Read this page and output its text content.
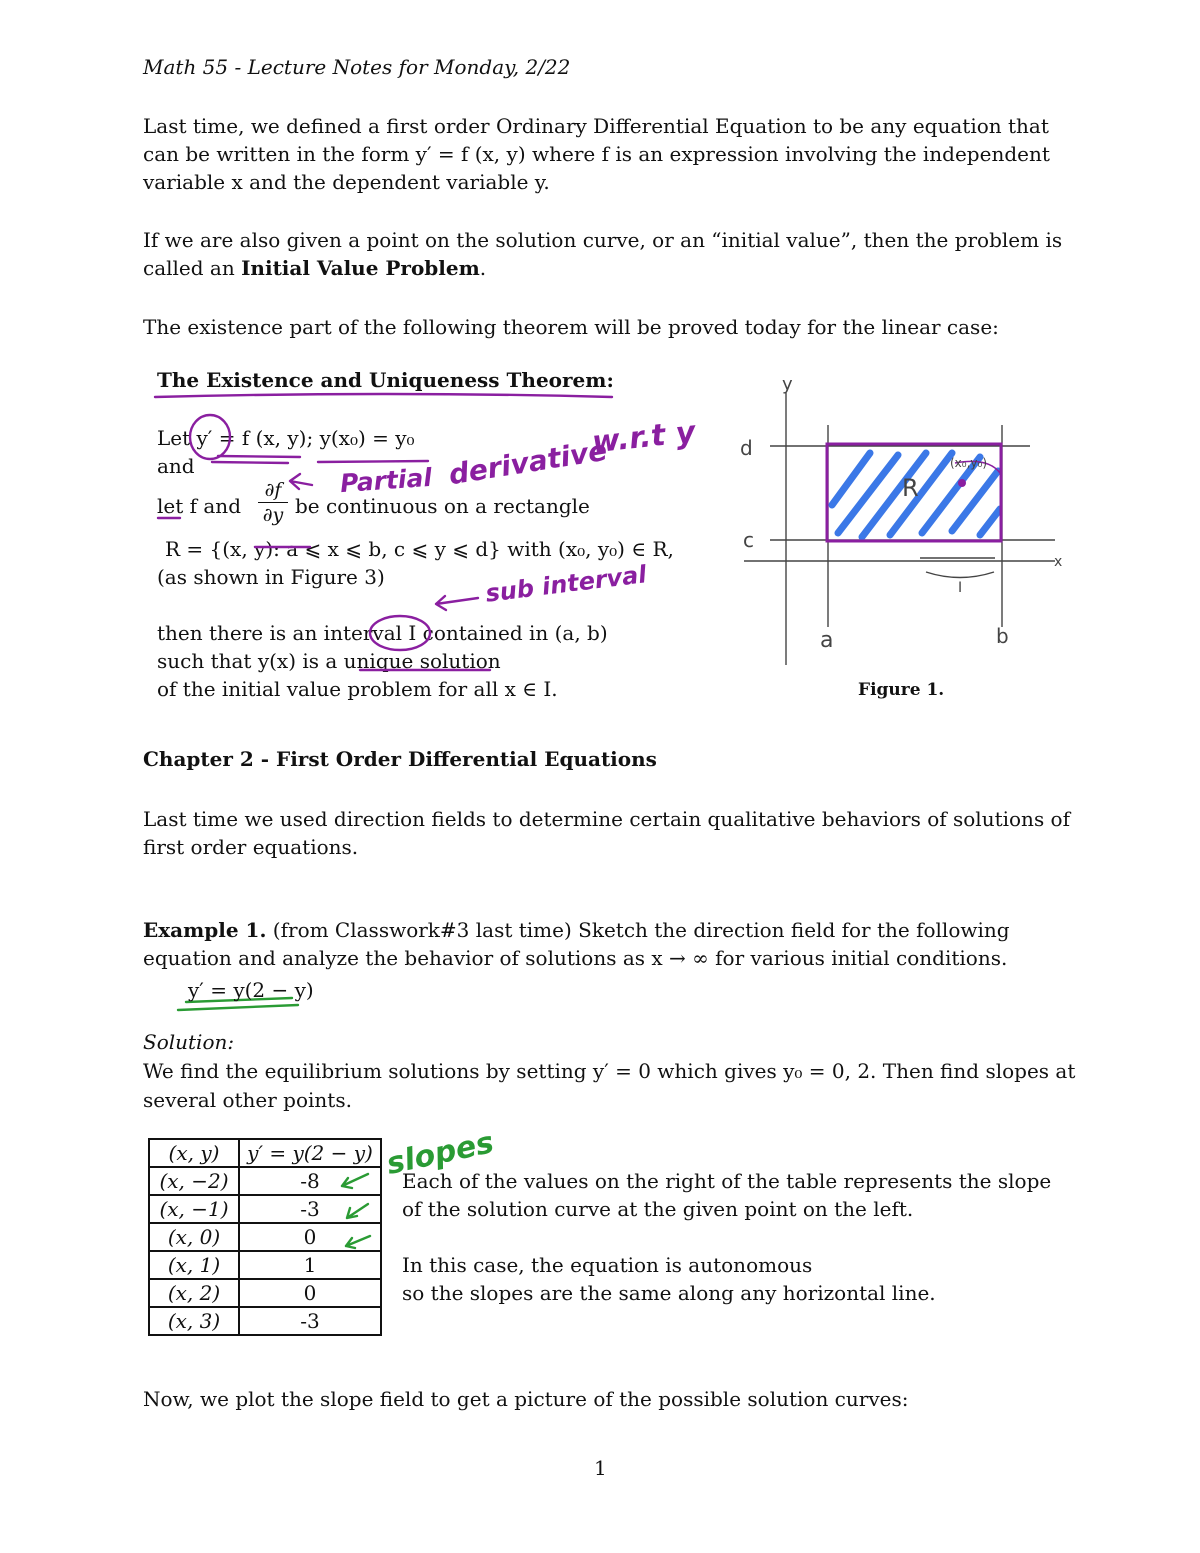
Math 55 - Lecture Notes for Monday, 2/22
Last time, we defined a first order Ordinary Differential Equation to be any equation that
can be written in the form y′ = f (x, y) where f is an expression involving the independent
variable x and the dependent variable y.
If we are also given a point on the solution curve, or an “initial value”, then the problem is
called an Initial Value Problem.
The existence part of the following theorem will be proved today for the linear case:
The Existence and Uniqueness Theorem:
Let y′ = f (x, y); y(x₀) = y₀
and
let f and $\frac{\partial f}{\partial y}$ be continuous on a rectangle
R = {(x, y): a ⩽ x ⩽ b, c ⩽ y ⩽ d} with (x₀, y₀) ∈ R,
(as shown in Figure 3)
then there is an interval I contained in (a, b)
such that y(x) is a unique solution
of the initial value problem for all x ∈ I.
Partial derivative
w.r.t y
sub interval
y
x
d
c
a	b
I
R
(x₀,y₀)
Figure 1.
Chapter 2 - First Order Differential Equations
Last time we used direction fields to determine certain qualitative behaviors of solutions of
first order equations.
Example 1. (from Classwork#3 last time) Sketch the direction field for the following
equation and analyze the behavior of solutions as x → ∞ for various initial conditions.
y′ = y(2 − y)
Solution:
We find the equilibrium solutions by setting y′ = 0 which gives y₀ = 0, 2. Then find slopes at
several other points.
(x, y)	y′ = y(2 − y)
(x, −2)	-8
(x, −1)	-3
(x, 0)	0
(x, 1)	1
(x, 2)	0
(x, 3)	-3
slopes
Each of the values on the right of the table represents the slope
of the solution curve at the given point on the left.
In this case, the equation is autonomous
so the slopes are the same along any horizontal line.
Now, we plot the slope field to get a picture of the possible solution curves:
1
